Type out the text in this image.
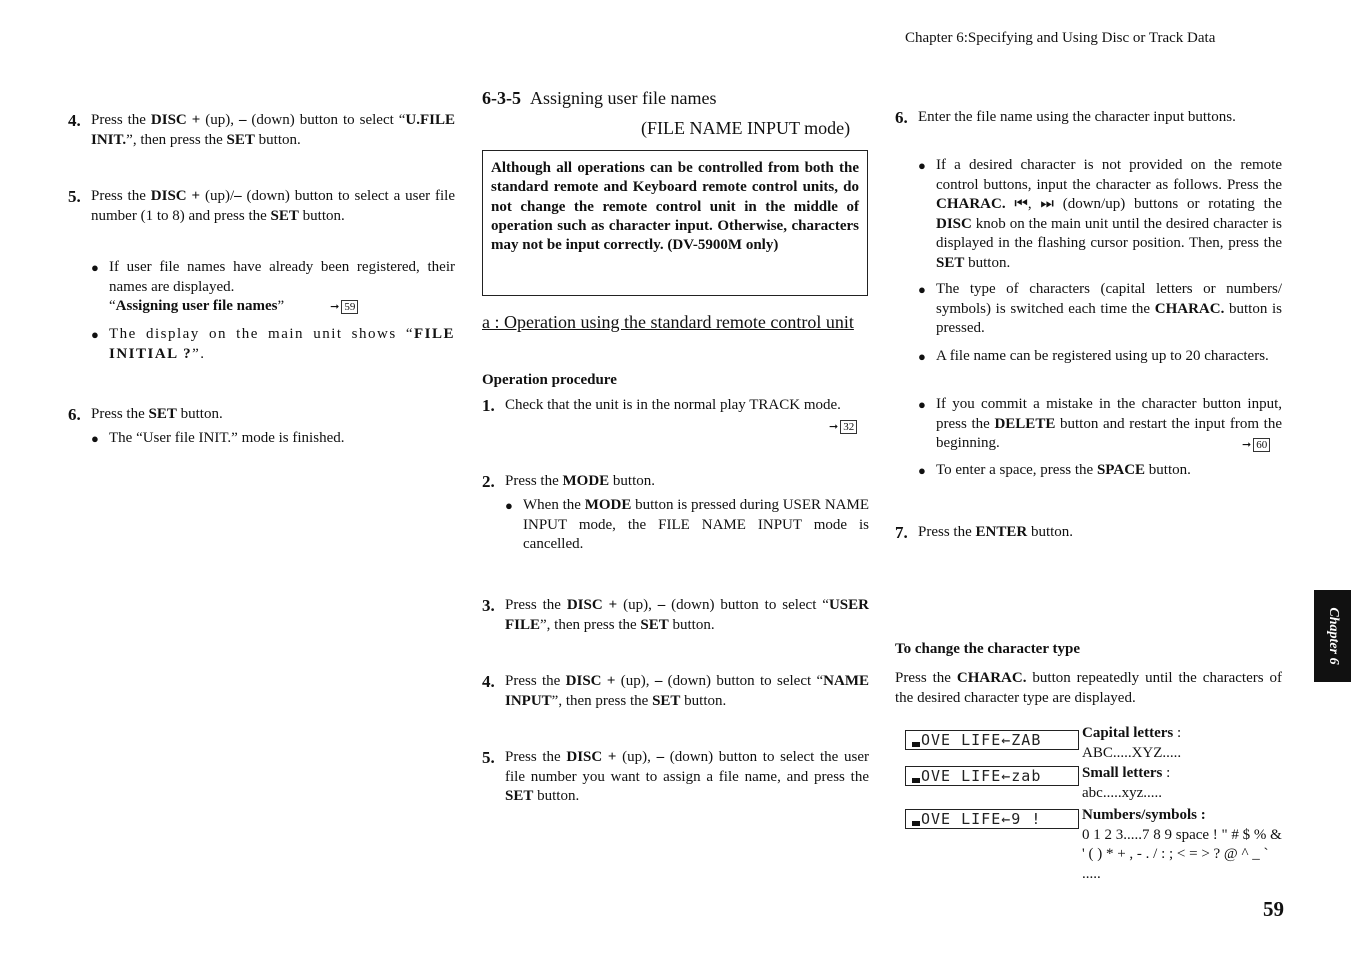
Chapter 6:Specifying and Using Disc or Track Data
4. Press the DISC + (up), – (down) button to select “U.FILE INIT.”, then press the SET button.
5. Press the DISC + (up)/– (down) button to select a user file number (1 to 8) and press the SET button.
● If user file names have already been registered, their names are displayed.
“Assigning user file names”	➞ 59
● The display on the main unit shows “FILE INITIAL ?”.
6. Press the SET button.
● The “User file INIT.” mode is finished.
6-3-5 Assigning user file names
(FILE NAME INPUT mode)
Although all operations can be controlled from both the standard remote and Keyboard remote control units, do not change the remote control unit in the middle of operation such as character input. Otherwise, characters may not be input correctly. (DV-5900M only)
a : Operation using the standard remote control unit
Operation procedure
1. Check that the unit is in the normal play TRACK mode.
➞ 32
2. Press the MODE button.
● When the MODE button is pressed during USER NAME INPUT mode, the FILE NAME INPUT mode is cancelled.
3. Press the DISC + (up), – (down) button to select “USER FILE”, then press the SET button.
4. Press the DISC + (up), – (down) button to select “NAME INPUT”, then press the SET button.
5. Press the DISC + (up), – (down) button to select the user file number you want to assign a file name, and press the SET button.
6. Enter the file name using the character input buttons.
● If a desired character is not provided on the remote control buttons, input the character as follows. Press the CHARAC. ⏮, ⏭ (down/up) buttons or rotating the DISC knob on the main unit until the desired character is displayed in the flashing cursor position. Then, press the SET button.
● The type of characters (capital letters or numbers/ symbols) is switched each time the CHARAC. button is pressed.
● A file name can be registered using up to 20 characters.
● If you commit a mistake in the character button input, press the DELETE button and restart the input from the beginning.	➞ 60
● To enter a space, press the SPACE button.
7. Press the ENTER button.
To change the character type
Press the CHARAC. button repeatedly until the characters of the desired character type are displayed.
OVE LIFE←ZAB	Capital letters :
ABC.....XYZ.....
OVE LIFE←zab	Small letters :
abc.....xyz.....
OVE LIFE←9 !	Numbers/symbols :
0 1 2 3.....7 8 9 space ! " # $ % & ' ( ) * + , - . / : ; < = > ? @ ^ _ ` .....
Chapter 6
59
